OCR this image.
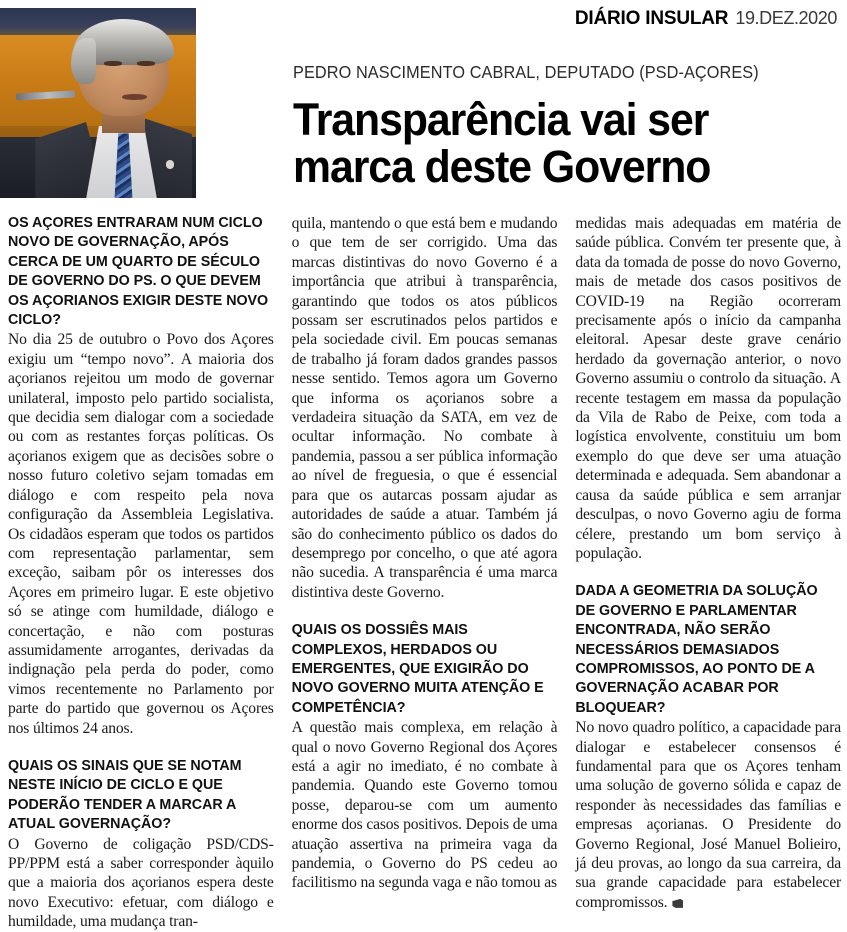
DIÁRIO INSULAR 19.DEZ.2020
PEDRO NASCIMENTO CABRAL, DEPUTADO (PSD-AÇORES)
Transparência vai ser
marca deste Governo

OS AÇORES ENTRARAM NUM CICLO NOVO DE GOVERNAÇÃO, APÓS CERCA DE UM QUARTO DE SÉCULO DE GOVERNO DO PS. O QUE DEVEM OS AÇORIANOS EXIGIR DESTE NOVO CICLO?

No dia 25 de outubro o Povo dos Açores exigiu um “tempo novo”. A maioria dos açorianos rejeitou um modo de governar unilateral, imposto pelo partido socialista, que decidia sem dialogar com a sociedade ou com as restantes forças políticas. Os açorianos exigem que as decisões sobre o nosso futuro coletivo sejam tomadas em diálogo e com respeito pela nova configuração da Assembleia Legislativa. Os cidadãos esperam que todos os partidos com representação parlamentar, sem exceção, saibam pôr os interesses dos Açores em primeiro lugar. E este objetivo só se atinge com humildade, diálogo e concertação, e não com posturas assumidamente arrogantes, derivadas da indignação pela perda do poder, como vimos recentemente no Parlamento por parte do partido que governou os Açores nos últimos 24 anos.

QUAIS OS SINAIS QUE SE NOTAM NESTE INÍCIO DE CICLO E QUE PODERÃO TENDER A MARCAR A ATUAL GOVERNAÇÃO?

O Governo de coligação PSD/CDS-PP/PPM está a saber corresponder àquilo que a maioria dos açorianos espera deste novo Executivo: efetuar, com diálogo e humildade, uma mudança tran-

quila, mantendo o que está bem e mudando o que tem de ser corrigido. Uma das marcas distintivas do novo Governo é a importância que atribui à transparência, garantindo que todos os atos públicos possam ser escrutinados pelos partidos e pela sociedade civil. Em poucas semanas de trabalho já foram dados grandes passos nesse sentido. Temos agora um Governo que informa os açorianos sobre a verdadeira situação da SATA, em vez de ocultar informação. No combate à pandemia, passou a ser pública informação ao nível de freguesia, o que é essencial para que os autarcas possam ajudar as autoridades de saúde a atuar. Também já são do conhecimento público os dados do desemprego por concelho, o que até agora não sucedia. A transparência é uma marca distintiva deste Governo.

QUAIS OS DOSSIÊS MAIS COMPLEXOS, HERDADOS OU EMERGENTES, QUE EXIGIRÃO DO NOVO GOVERNO MUITA ATENÇÃO E COMPETÊNCIA?

A questão mais complexa, em relação à qual o novo Governo Regional dos Açores está a agir no imediato, é no combate à pandemia. Quando este Governo tomou posse, deparou-se com um aumento enorme dos casos positivos. Depois de uma atuação assertiva na primeira vaga da pandemia, o Governo do PS cedeu ao facilitismo na segunda vaga e não tomou as

medidas mais adequadas em matéria de saúde pública. Convém ter presente que, à data da tomada de posse do novo Governo, mais de metade dos casos positivos de COVID-19 na Região ocorreram precisamente após o início da campanha eleitoral. Apesar deste grave cenário herdado da governação anterior, o novo Governo assumiu o controlo da situação. A recente testagem em massa da população da Vila de Rabo de Peixe, com toda a logística envolvente, constituiu um bom exemplo do que deve ser uma atuação determinada e adequada. Sem abandonar a causa da saúde pública e sem arranjar desculpas, o novo Governo agiu de forma célere, prestando um bom serviço à população.

DADA A GEOMETRIA DA SOLUÇÃO DE GOVERNO E PARLAMENTAR ENCONTRADA, NÃO SERÃO NECESSÁRIOS DEMASIADOS COMPROMISSOS, AO PONTO DE A GOVERNAÇÃO ACABAR POR BLOQUEAR?

No novo quadro político, a capacidade para dialogar e estabelecer consensos é fundamental para que os Açores tenham uma solução de governo sólida e capaz de responder às necessidades das famílias e empresas açorianas. O Presidente do Governo Regional, José Manuel Bolieiro, já deu provas, ao longo da sua carreira, da sua grande capacidade para estabelecer compromissos.
